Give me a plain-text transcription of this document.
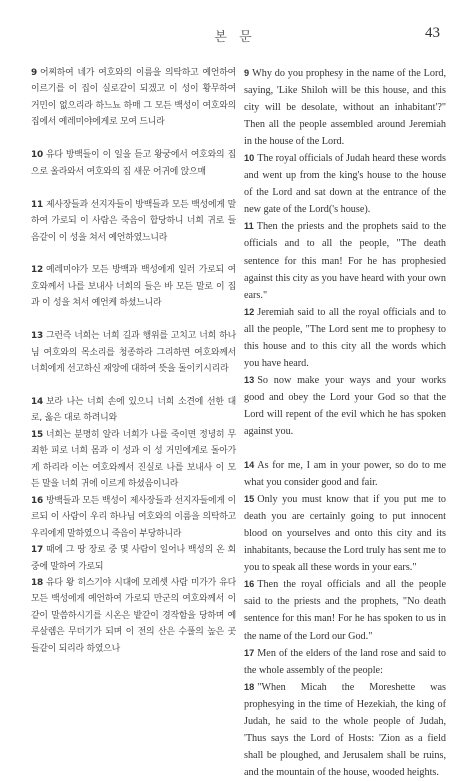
본 문	43
9 어찌하여 네가 여호와의 이름을 의탁하고 예언하여 이르기를 이 집이 실로같이 되겠고 이 성이 황무하여 거민이 없으리라 하느뇨 하매 그 모든 백성이 여호와의 집에서 예레미야에게로 모여 드니라
10 유다 방백들이 이 일을 듣고 왕궁에서 여호와의 집으로 올라와서 여호와의 집 새문 어귀에 앉으매
11 제사장들과 선지자들이 방백들과 모든 백성에게 말하여 가로되 이 사람은 죽음이 합당하니 너희 귀로 들음같이 이 성을 쳐서 예언하였느니라
12 예레미야가 모든 방백과 백성에게 일러 가로되 여호와께서 나를 보내사 너희의 들은 바 모든 말로 이 집과 이 성을 쳐서 예언케 하셨느니라
13 그런즉 너희는 너희 길과 행위를 고치고 너희 하나님 여호와의 목소리를 청종하라 그리하면 여호와께서 너희에게 선고하신 재앙에 대하여 뜻을 돌이키시리라
14 보라 나는 너희 손에 있으니 너희 소견에 선한 대로, 옳은 대로 하려니와
15 너희는 분명히 알라 너희가 나를 죽이면 정녕히 무죄한 피로 너희 몸과 이 성과 이 성 거민에게로 돌아가게 하리라 이는 여호와께서 진실로 나를 보내사 이 모든 말을 너희 귀에 이르게 하셨음이니라
16 방백들과 모든 백성이 제사장들과 선지자들에게 이르되 이 사람이 우리 하나님 여호와의 이름을 의탁하고 우리에게 말하였으니 죽음이 부당하니라
17 때에 그 땅 장로 중 몇 사람이 일어나 백성의 온 회중에 말하여 가로되
18 유다 왕 히스기야 시대에 모레셋 사람 미가가 유다 모든 백성에게 예언하여 가로되 만군의 여호와께서 이같이 말씀하시기를 시온은 밭같이 경작함을 당하며 예루살렘은 무더기가 되며 이 전의 산은 수풀의 높은 곳들같이 되리라 하였으나
9 Why do you prophesy in the name of the Lord, saying, 'Like Shiloh will be this house, and this city will be desolate, without an inhabitant'?" Then all the people assembled around Jeremiah in the house of the Lord.
10 The royal officials of Judah heard these words and went up from the king's house to the house of the Lord and sat down at the entrance of the new gate of the Lord('s house).
11 Then the priests and the prophets said to the officials and to all the people, "The death sentence for this man! For he has prophesied against this city as you have heard with your own ears."
12 Jeremiah said to all the royal officials and to all the people, "The Lord sent me to prophesy to this house and to this city all the words which you have heard.
13 So now make your ways and your works good and obey the Lord your God so that the Lord will repent of the evil which he has spoken against you.
14 As for me, I am in your power, so do to me what you consider good and fair.
15 Only you must know that if you put me to death you are certainly going to put innocent blood on yourselves and onto this city and its inhabitants, because the Lord truly has sent me to you to speak all these words in your ears."
16 Then the royal officials and all the people said to the priests and the prophets, "No death sentence for this man! For he has spoken to us in the name of the Lord our God."
17 Men of the elders of the land rose and said to the whole assembly of the people:
18 "When Micah the Moreshette was prophesying in the time of Hezekiah, the king of Judah, he said to the whole people of Judah, 'Thus says the Lord of Hosts: 'Zion as a field shall be ploughed, and Jerusalem shall be ruins, and the mountain of the house, wooded heights.
